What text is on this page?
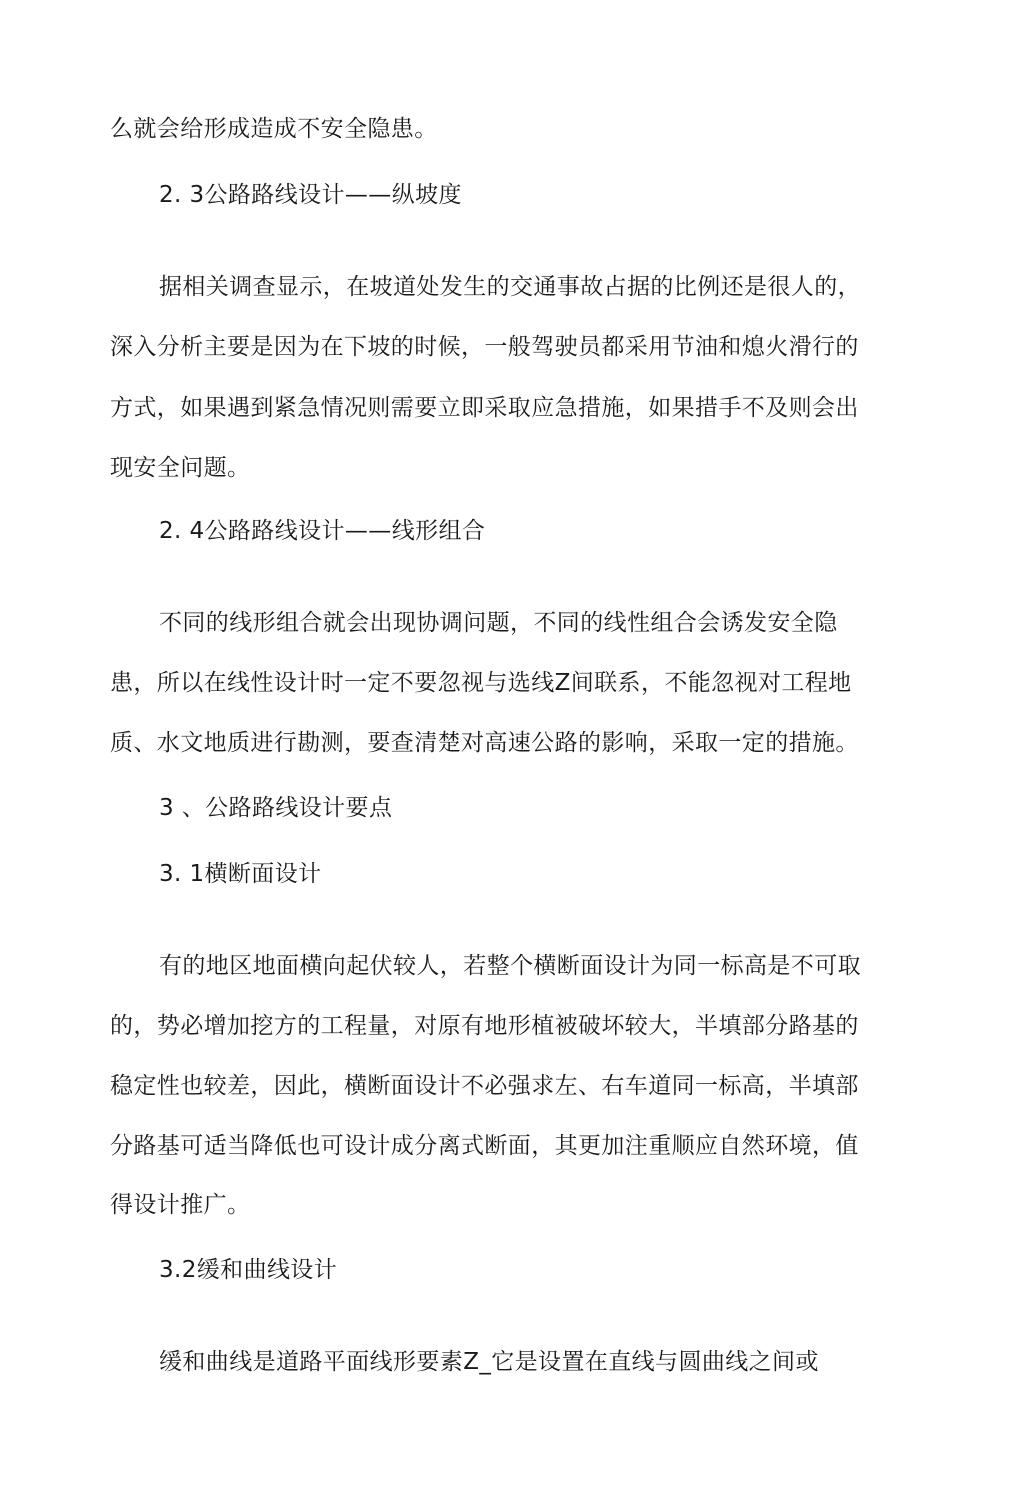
么就会给形成造成不安全隐患。
2. 3公路路线设计——纵坡度
据相关调查显示，在坡道处发生的交通事故占据的比例还是很人的，
深入分析主要是因为在下坡的时候，一般驾驶员都采用节油和熄火滑行的
方式，如果遇到紧急情况则需要立即采取应急措施，如果措手不及则会出
现安全问题。
2. 4公路路线设计——线形组合
不同的线形组合就会出现协调问题，不同的线性组合会诱发安全隐
患，所以在线性设计时一定不要忽视与选线Z间联系，不能忽视对工程地
质、水文地质进行勘测，要查清楚对高速公路的影响，采取一定的措施。
3 、公路路线设计要点
3. 1横断面设计
有的地区地面横向起伏较人，若整个横断面设计为同一标高是不可取
的，势必增加挖方的工程量，对原有地形植被破坏较大，半填部分路基的
稳定性也较差，因此，横断面设计不必强求左、右车道同一标高，半填部
分路基可适当降低也可设计成分离式断面，其更加注重顺应自然环境，值
得设计推广。
3.2缓和曲线设计
缓和曲线是道路平面线形要素Z_它是设置在直线与圆曲线之间或
